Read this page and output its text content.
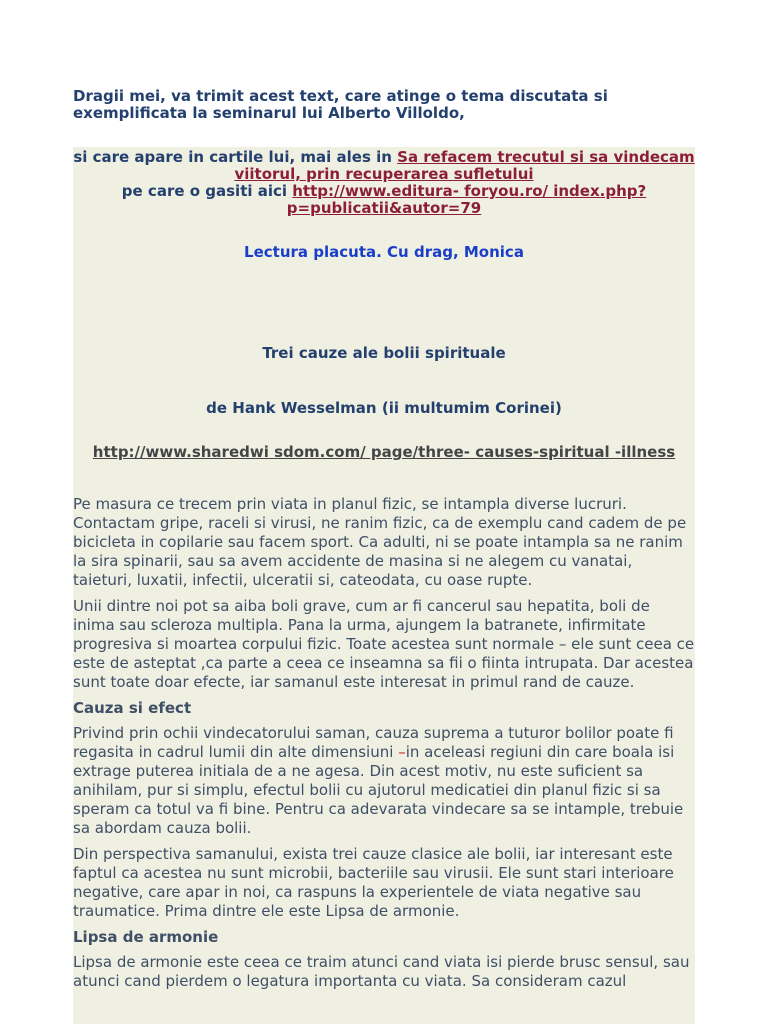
Dragii mei, va trimit acest text, care atinge o tema discutata si exemplificata la seminarul lui Alberto Villoldo,
si care apare in cartile lui, mai ales in Sa refacem trecutul si sa vindecam viitorul, prin recuperarea sufletului
pe care o gasiti aici http://www.editura- foryou.ro/ index.php? p=publicatii&autor=79
Lectura placuta. Cu drag, Monica
Trei cauze ale bolii spirituale
de Hank Wesselman (ii multumim Corinei)
http://www.sharedwi sdom.com/ page/three- causes-spiritual -illness

Pe masura ce trecem prin viata in planul fizic, se intampla diverse lucruri. Contactam gripe, raceli si virusi, ne ranim fizic, ca de exemplu cand cadem de pe bicicleta in copilarie sau facem sport. Ca adulti, ni se poate intampla sa ne ranim la sira spinarii, sau sa avem accidente de masina si ne alegem cu vanatai, taieturi, luxatii, infectii, ulceratii si, cateodata, cu oase rupte.

Unii dintre noi pot sa aiba boli grave, cum ar fi cancerul sau hepatita, boli de inima sau scleroza multipla. Pana la urma, ajungem la batranete, infirmitate progresiva si moartea corpului fizic. Toate acestea sunt normale – ele sunt ceea ce este de asteptat ,ca parte a ceea ce inseamna sa fii o fiinta intrupata. Dar acestea sunt toate doar efecte, iar samanul este interesat in primul rand de cauze.

Cauza si efect

Privind prin ochii vindecatorului saman, cauza suprema a tuturor bolilor poate fi regasita in cadrul lumii din alte dimensiuni –in aceleasi regiuni din care boala isi extrage puterea initiala de a ne agesa. Din acest motiv, nu este suficient sa anihilam, pur si simplu, efectul bolii cu ajutorul medicatiei din planul fizic si sa speram ca totul va fi bine. Pentru ca adevarata vindecare sa se intample, trebuie sa abordam cauza bolii.

Din perspectiva samanului, exista trei cauze clasice ale bolii, iar interesant este faptul ca acestea nu sunt microbii, bacteriile sau virusii. Ele sunt stari interioare negative, care apar in noi, ca raspuns la experientele de viata negative sau traumatice. Prima dintre ele este Lipsa de armonie.

Lipsa de armonie

Lipsa de armonie este ceea ce traim atunci cand viata isi pierde brusc sensul, sau atunci cand pierdem o legatura importanta cu viata. Sa consideram cazul
